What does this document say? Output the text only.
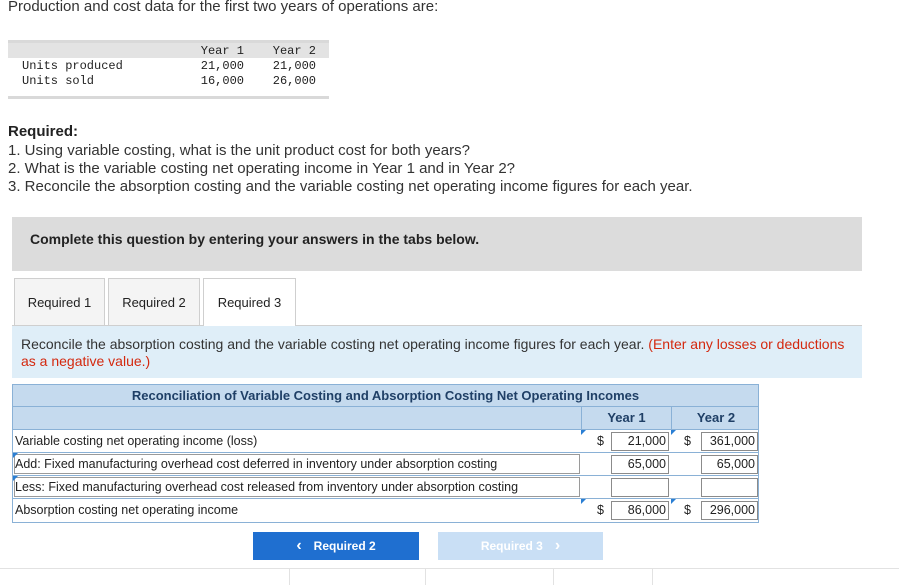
Production and cost data for the first two years of operations are:
Year 1	Year 2
Units produced	21,000	21,000
Units sold	16,000	26,000
Required:
1. Using variable costing, what is the unit product cost for both years?
2. What is the variable costing net operating income in Year 1 and in Year 2?
3. Reconcile the absorption costing and the variable costing net operating income figures for each year.
Complete this question by entering your answers in the tabs below.
Required 1	Required 2	Required 3
Reconcile the absorption costing and the variable costing net operating income figures for each year. (Enter any losses or deductions as a negative value.)
Reconciliation of Variable Costing and Absorption Costing Net Operating Incomes
Year 1	Year 2
Variable costing net operating income (loss)	$	21,000 $	361,000
Add: Fixed manufacturing overhead cost deferred in inventory under absorption costing	65,000	65,000
Less: Fixed manufacturing overhead cost released from inventory under absorption costing
Absorption costing net operating income	$	86,000 $	296,000
‹ Required 2	Required 3 ›
